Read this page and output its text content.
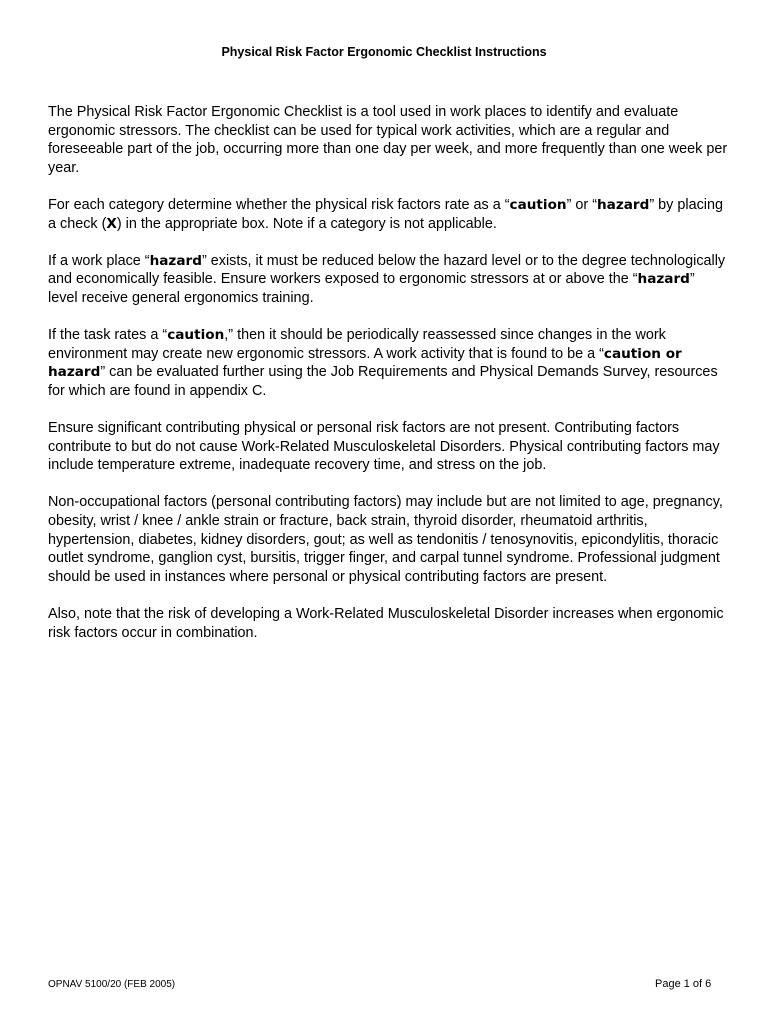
Physical Risk Factor Ergonomic Checklist Instructions

The Physical Risk Factor Ergonomic Checklist is a tool used in work places to identify and evaluate ergonomic stressors. The checklist can be used for typical work activities, which are a regular and foreseeable part of the job, occurring more than one day per week, and more frequently than one week per year.

For each category determine whether the physical risk factors rate as a “caution” or “hazard” by placing a check (X) in the appropriate box. Note if a category is not applicable.

If a work place “hazard” exists, it must be reduced below the hazard level or to the degree technologically and economically feasible. Ensure workers exposed to ergonomic stressors at or above the “hazard” level receive general ergonomics training.

If the task rates a “caution,” then it should be periodically reassessed since changes in the work environment may create new ergonomic stressors. A work activity that is found to be a “caution or hazard” can be evaluated further using the Job Requirements and Physical Demands Survey, resources for which are found in appendix C.

Ensure significant contributing physical or personal risk factors are not present. Contributing factors contribute to but do not cause Work-Related Musculoskeletal Disorders. Physical contributing factors may include temperature extreme, inadequate recovery time, and stress on the job.

Non-occupational factors (personal contributing factors) may include but are not limited to age, pregnancy, obesity, wrist / knee / ankle strain or fracture, back strain, thyroid disorder, rheumatoid arthritis, hypertension, diabetes, kidney disorders, gout; as well as tendonitis / tenosynovitis, epicondylitis, thoracic outlet syndrome, ganglion cyst, bursitis, trigger finger, and carpal tunnel syndrome. Professional judgment should be used in instances where personal or physical contributing factors are present.

Also, note that the risk of developing a Work-Related Musculoskeletal Disorder increases when ergonomic risk factors occur in combination.

OPNAV 5100/20 (FEB 2005)	Page 1 of 6
